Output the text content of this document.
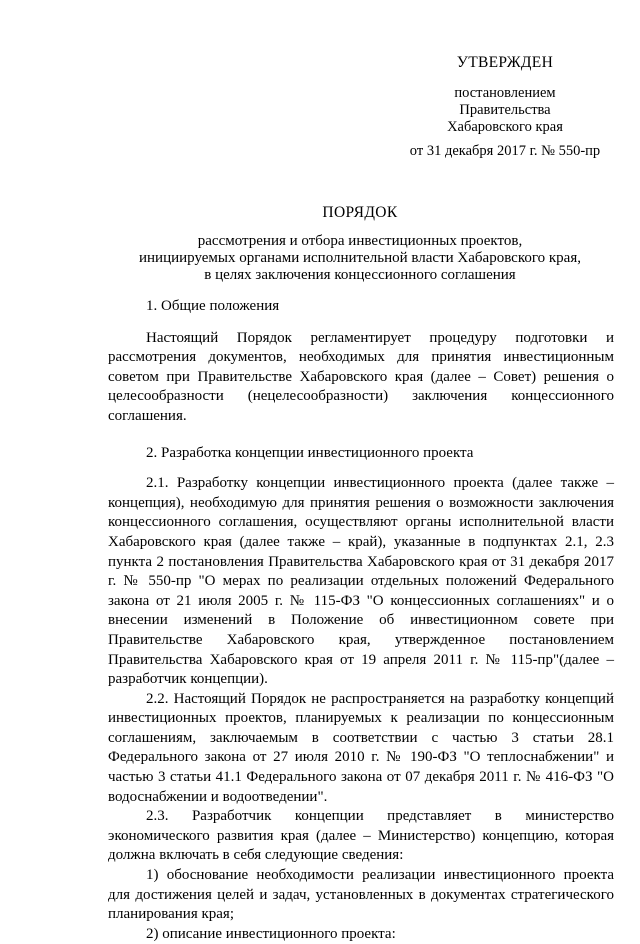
УТВЕРЖДЕН
постановлением
Правительства
Хабаровского края
от 31 декабря 2017 г. № 550-пр
ПОРЯДОК
рассмотрения и отбора инвестиционных проектов,
инициируемых органами исполнительной власти Хабаровского края,
в целях заключения концессионного соглашения
1. Общие положения

Настоящий Порядок регламентирует процедуру подготовки и рассмотрения документов, необходимых для принятия инвестиционным советом при Правительстве Хабаровского края (далее – Совет) решения о целесообразности (нецелесообразности) заключения концессионного соглашения.

2. Разработка концепции инвестиционного проекта

2.1. Разработку концепции инвестиционного проекта (далее также – концепция), необходимую для принятия решения о возможности заключения концессионного соглашения, осуществляют органы исполнительной власти Хабаровского края (далее также – край), указанные в подпунктах 2.1, 2.3 пункта 2 постановления Правительства Хабаровского края от 31 декабря 2017 г. № 550-пр "О мерах по реализации отдельных положений Федерального закона от 21 июля 2005 г. № 115-ФЗ "О концессионных соглашениях" и о внесении изменений в Положение об инвестиционном совете при Правительстве Хабаровского края, утвержденное постановлением Правительства Хабаровского края от 19 апреля 2011 г. № 115-пр"(далее – разработчик концепции).

2.2. Настоящий Порядок не распространяется на разработку концепций инвестиционных проектов, планируемых к реализации по концессионным соглашениям, заключаемым в соответствии с частью 3 статьи 28.1 Федерального закона от 27 июля 2010 г. № 190-ФЗ "О теплоснабжении" и частью 3 статьи 41.1 Федерального закона от 07 декабря 2011 г. № 416-ФЗ "О водоснабжении и водоотведении".

2.3. Разработчик концепции представляет в министерство экономического развития края (далее – Министерство) концепцию, которая должна включать в себя следующие сведения:

1) обоснование необходимости реализации инвестиционного проекта для достижения целей и задач, установленных в документах стратегического планирования края;

2) описание инвестиционного проекта:
